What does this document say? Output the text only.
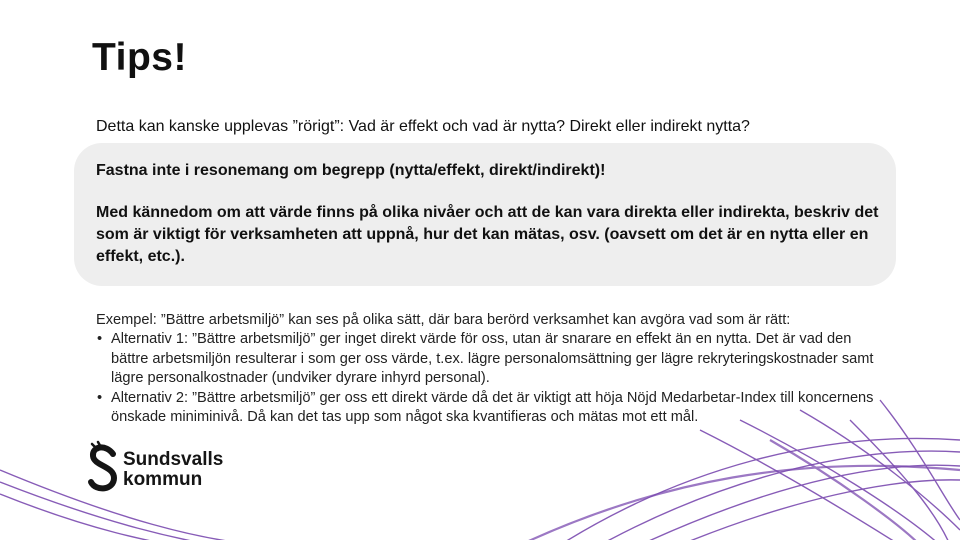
Tips!
Detta kan kanske upplevas ”rörigt”: Vad är effekt och vad är nytta? Direkt eller indirekt nytta?

Fastna inte i resonemang om begrepp (nytta/effekt, direkt/indirekt)!

Med kännedom om att värde finns på olika nivåer och att de kan vara direkta eller indirekta, beskriv det som är viktigt för verksamheten att uppnå, hur det kan mätas, osv. (oavsett om det är en nytta eller en effekt, etc.).

Exempel: ”Bättre arbetsmiljö” kan ses på olika sätt, där bara berörd verksamhet kan avgöra vad som är rätt:
• Alternativ 1: ”Bättre arbetsmiljö” ger inget direkt värde för oss, utan är snarare en effekt än en nytta. Det är vad den bättre arbetsmiljön resulterar i som ger oss värde, t.ex. lägre personalomsättning ger lägre rekryteringskostnader samt lägre personalkostnader (undviker dyrare inhyrd personal).
• Alternativ 2: ”Bättre arbetsmiljö” ger oss ett direkt värde då det är viktigt att höja Nöjd Medarbetar-Index till koncernens önskade miniminivå. Då kan det tas upp som något ska kvantifieras och mätas mot ett mål.
Sundsvalls
kommun
